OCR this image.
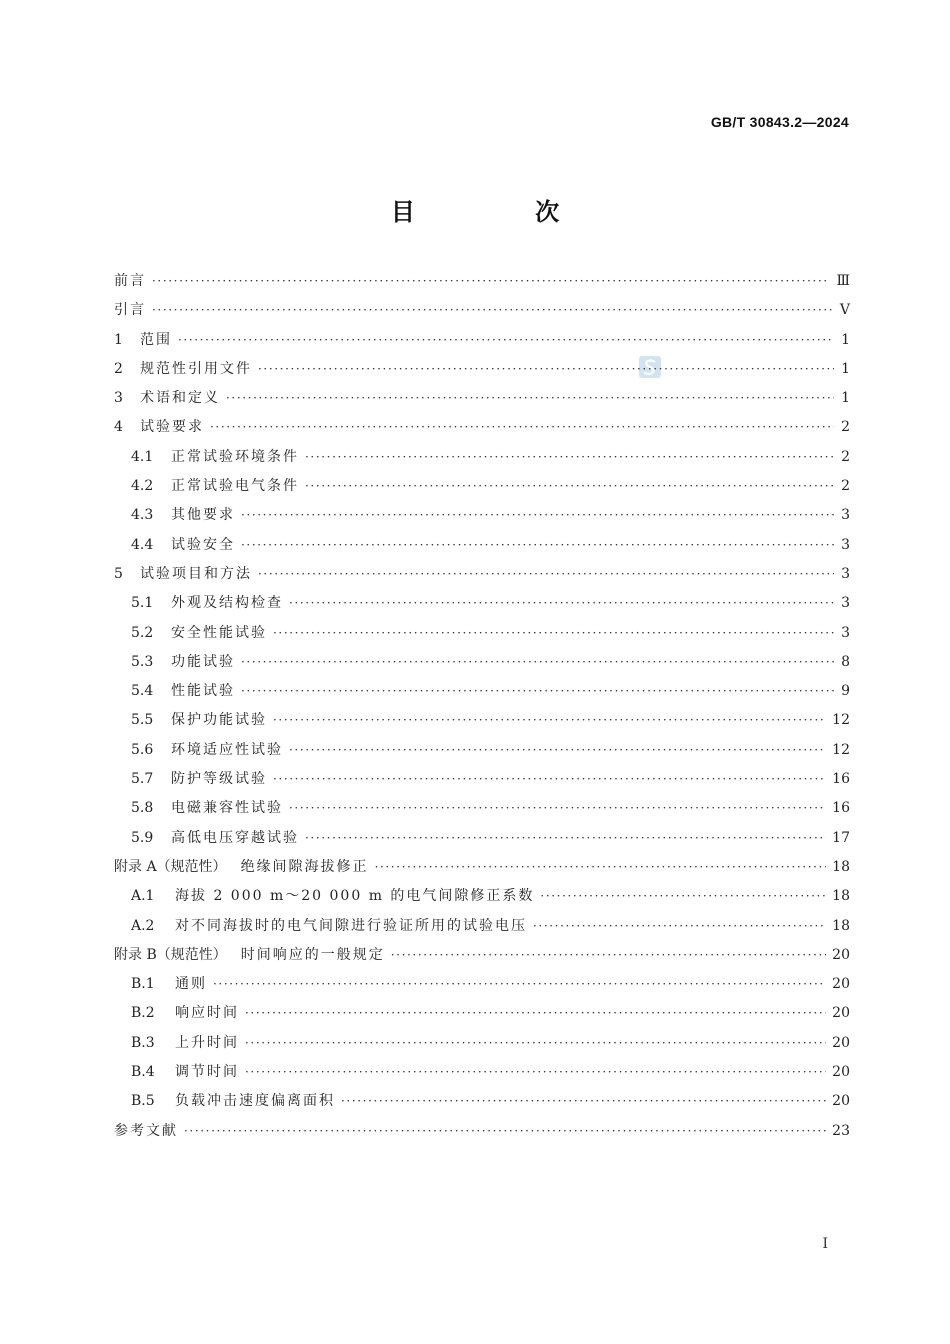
GB/T 30843.2—2024
目 次
前言 ·····	Ⅲ
引言 ·····	Ⅴ
1	范围 ·····	1
2	规范性引用文件 ·····	1
3	术语和定义 ·····	1
4	试验要求 ·····	2
4.1	正常试验环境条件 ·····	2
4.2	正常试验电气条件 ·····	2
4.3	其他要求 ·····	3
4.4	试验安全 ·····	3
5	试验项目和方法 ·····	3
5.1	外观及结构检查 ·····	3
5.2	安全性能试验 ·····	3
5.3	功能试验 ·····	8
5.4	性能试验 ·····	9
5.5	保护功能试验 ·····	12
5.6	环境适应性试验 ·····	12
5.7	防护等级试验 ·····	16
5.8	电磁兼容性试验 ·····	16
5.9	高低电压穿越试验 ·····	17
附录 A（规范性） 绝缘间隙海拔修正 ·····	18
A.1	海拔 2 000 m～20 000 m 的电气间隙修正系数 ·····	18
A.2	对不同海拔时的电气间隙进行验证所用的试验电压 ·····	18
附录 B（规范性） 时间响应的一般规定 ·····	20
B.1	通则 ·····	20
B.2	响应时间 ·····	20
B.3	上升时间 ·····	20
B.4	调节时间 ·····	20
B.5	负载冲击速度偏离面积 ·····	20
参考文献 ·····	23
I
